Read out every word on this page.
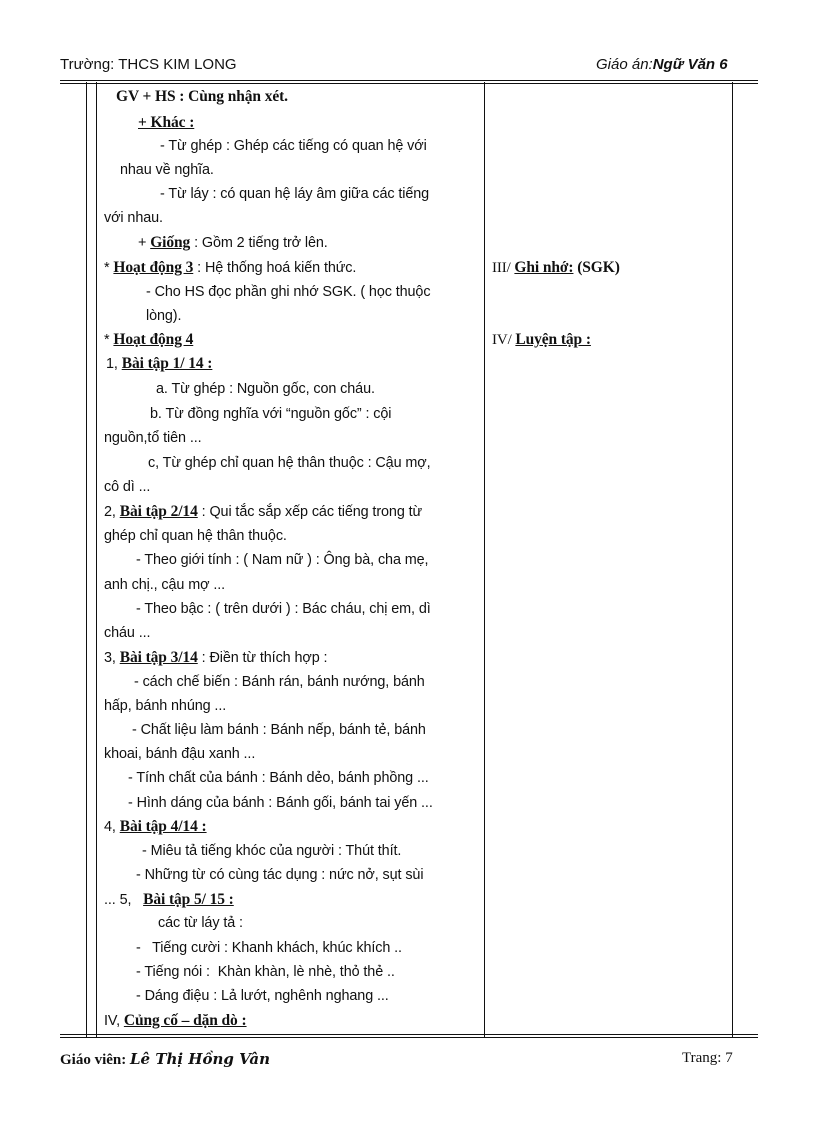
Trường: THCS KIM LONG	Giáo án:Ngữ Văn 6
GV + HS : Cùng nhận xét.
+ Khác :
- Từ ghép : Ghép các tiếng có quan hệ với
nhau về nghĩa.
- Từ láy : có quan hệ láy âm giữa các tiếng
với nhau.
+ Giống : Gồm 2 tiếng trở lên.
* Hoạt động 3 : Hệ thống hoá kiến thức.
- Cho HS đọc phần ghi nhớ SGK. ( học thuộc
lòng).
* Hoạt động 4
1, Bài tập 1/ 14 :
a. Từ ghép : Nguồn gốc, con cháu.
b. Từ đồng nghĩa với “nguồn gốc” : cội
nguồn,tổ tiên ...
c, Từ ghép chỉ quan hệ thân thuộc : Cậu mợ,
cô dì ...
2, Bài tập 2/14 : Qui tắc sắp xếp các tiếng trong từ
ghép chỉ quan hệ thân thuộc.
- Theo giới tính : ( Nam nữ ) : Ông bà, cha mẹ,
anh chị., cậu mợ ...
- Theo bậc : ( trên dưới ) : Bác cháu, chị em, dì
cháu ...
3, Bài tập 3/14 : Điền từ thích hợp :
- cách chế biến : Bánh rán, bánh nướng, bánh
hấp, bánh nhúng ...
- Chất liệu làm bánh : Bánh nếp, bánh tẻ, bánh
khoai, bánh đậu xanh ...
- Tính chất của bánh : Bánh dẻo, bánh phồng ...
- Hình dáng của bánh : Bánh gối, bánh tai yến ...
4, Bài tập 4/14 :
- Miêu tả tiếng khóc của người : Thút thít.
- Những từ có cùng tác dụng : nức nở, sụt sùi
... 5,   Bài tập 5/ 15 :
các từ láy tả :
-   Tiếng cười : Khanh khách, khúc khích ..
- Tiếng nói :  Khàn khàn, lè nhè, thỏ thẻ ..
- Dáng điệu : Lả lướt, nghênh nghang ...
IV, Củng cố – dặn dò :
III/ Ghi nhớ: (SGK)
IV/ Luyện tập :
Giáo viên: Lê Thị Hồng Vân	Trang: 7
